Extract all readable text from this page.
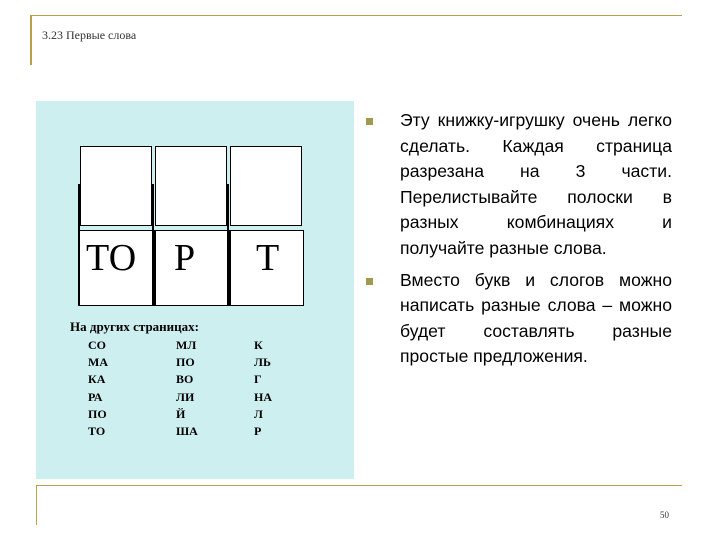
3.23 Первые слова
ТО Р Т
На других страницах:
СО
МА
КА
РА
ПО
ТО
МЛ
ПО
ВО
ЛИ
Й
ША
К
ЛЬ
Г
НА
Л
Р
Эту книжку-игрушку очень легко сделать. Каждая страница разрезана на 3 части. Перелистывайте полоски в разных комбинациях и получайте разные слова.
Вместо букв и слогов можно написать разные слова – можно будет составлять разные простые предложения.
50
